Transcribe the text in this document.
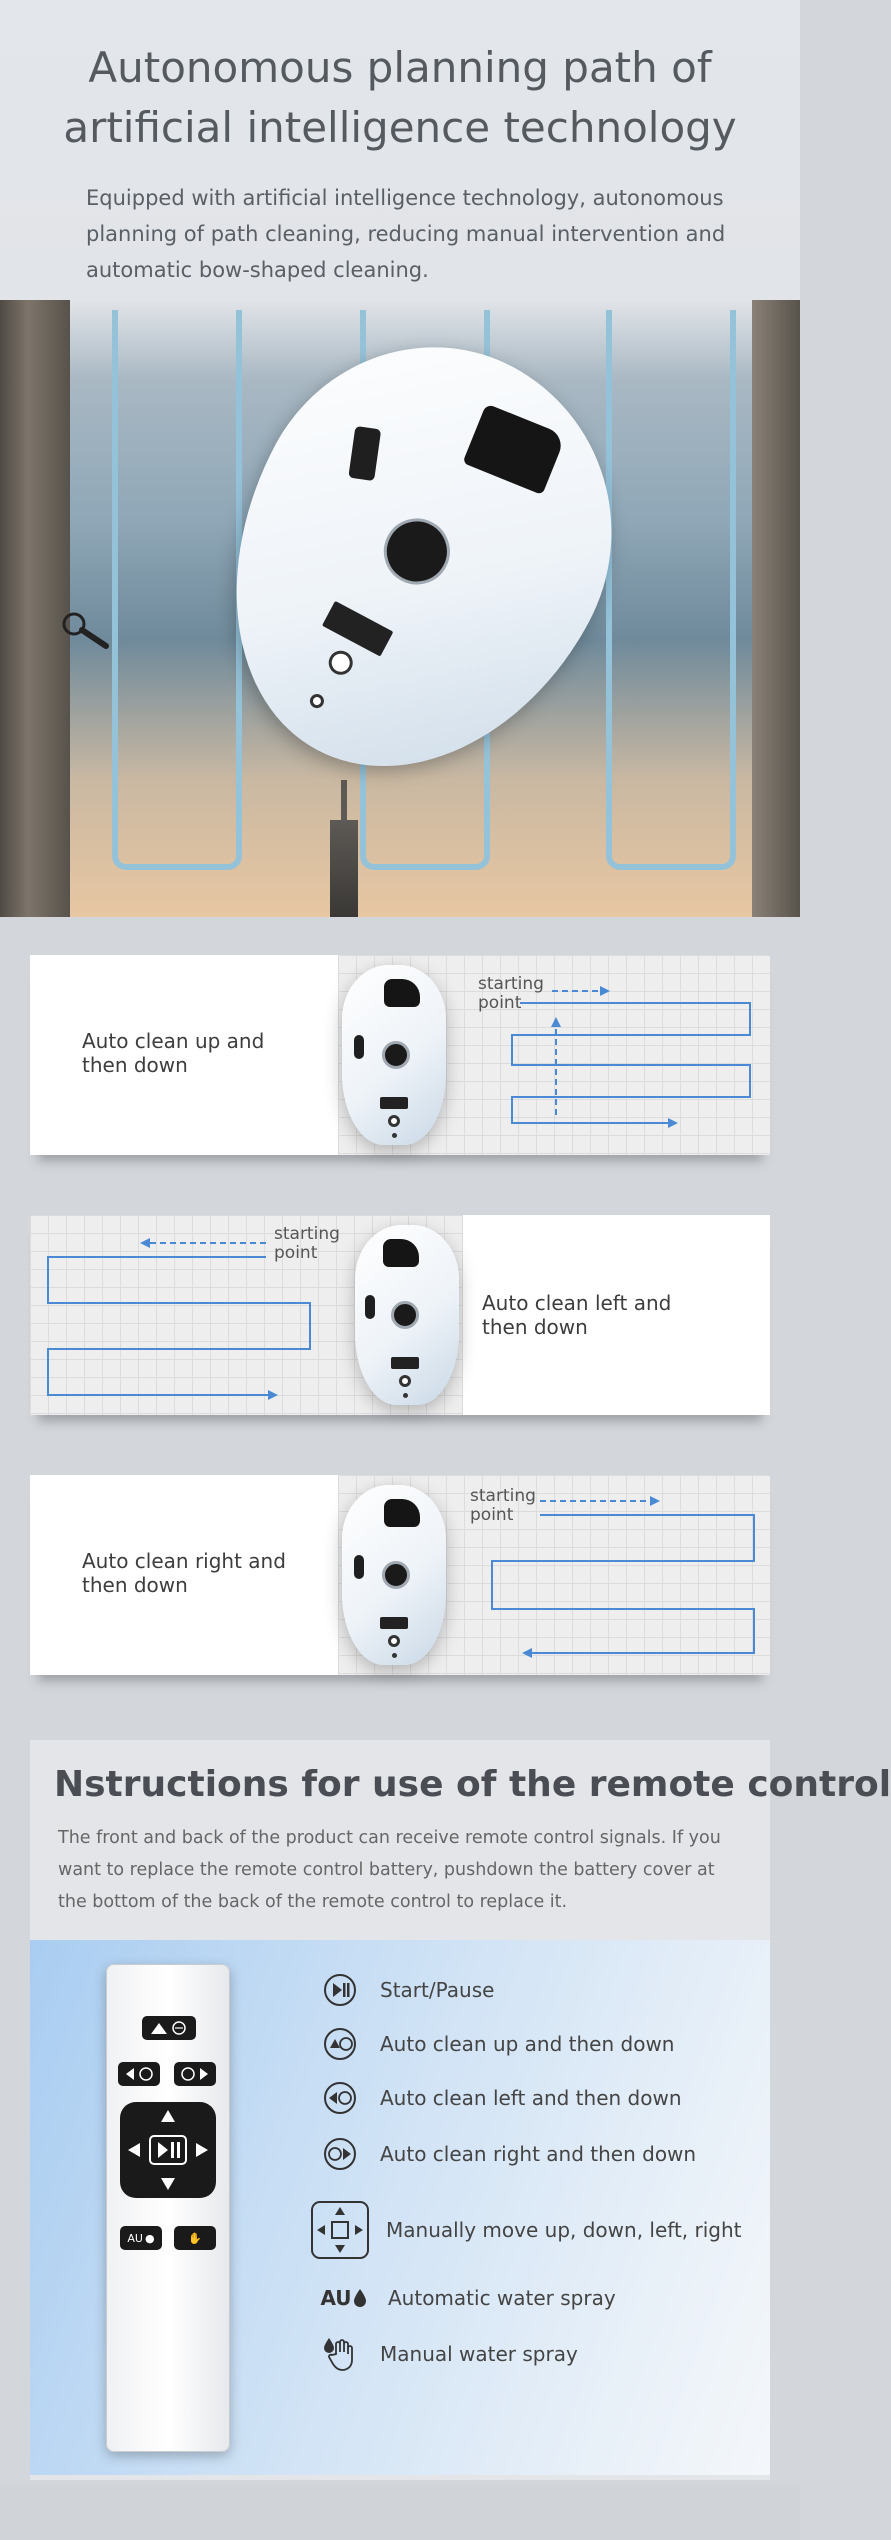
Autonomous planning path of
artificial intelligence technology

Equipped with artificial intelligence technology, autonomous planning of path cleaning, reducing manual intervention and automatic bow-shaped cleaning.

Auto clean up and
then down
starting
point
starting
point
Auto clean left and
then down
Auto clean right and
then down
starting
point
Nstructions for use of the remote control

The front and back of the product can receive remote control signals. If you want to replace the remote control battery, pushdown the battery cover at the bottom of the back of the remote control to replace it.

AU ●	✋
Start/Pause
Auto clean up and then down
Auto clean left and then down
Auto clean right and then down
Manually move up, down, left, right
AU Automatic water spray
Manual water spray
